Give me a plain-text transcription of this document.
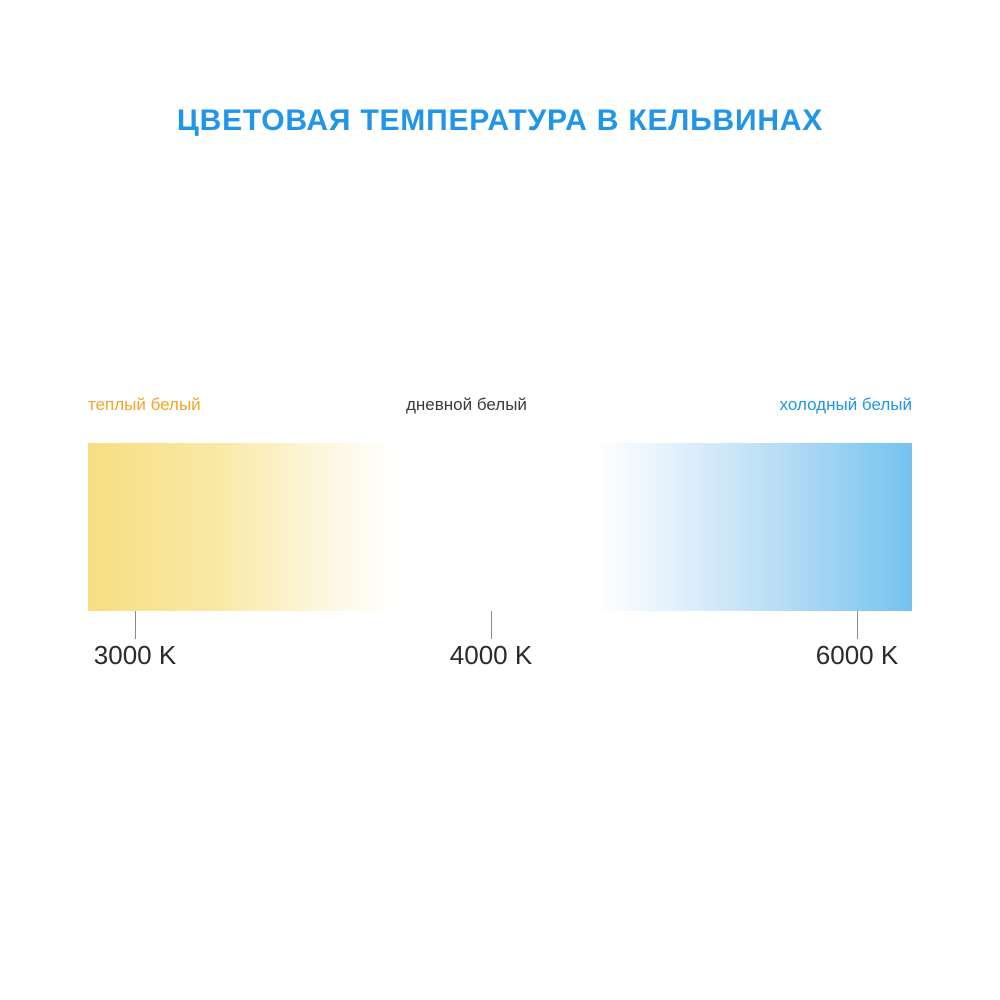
ЦВЕТОВАЯ ТЕМПЕРАТУРА В КЕЛЬВИНАХ
теплый белый	дневной белый	холодный белый
3000 K	4000 K	6000 K
